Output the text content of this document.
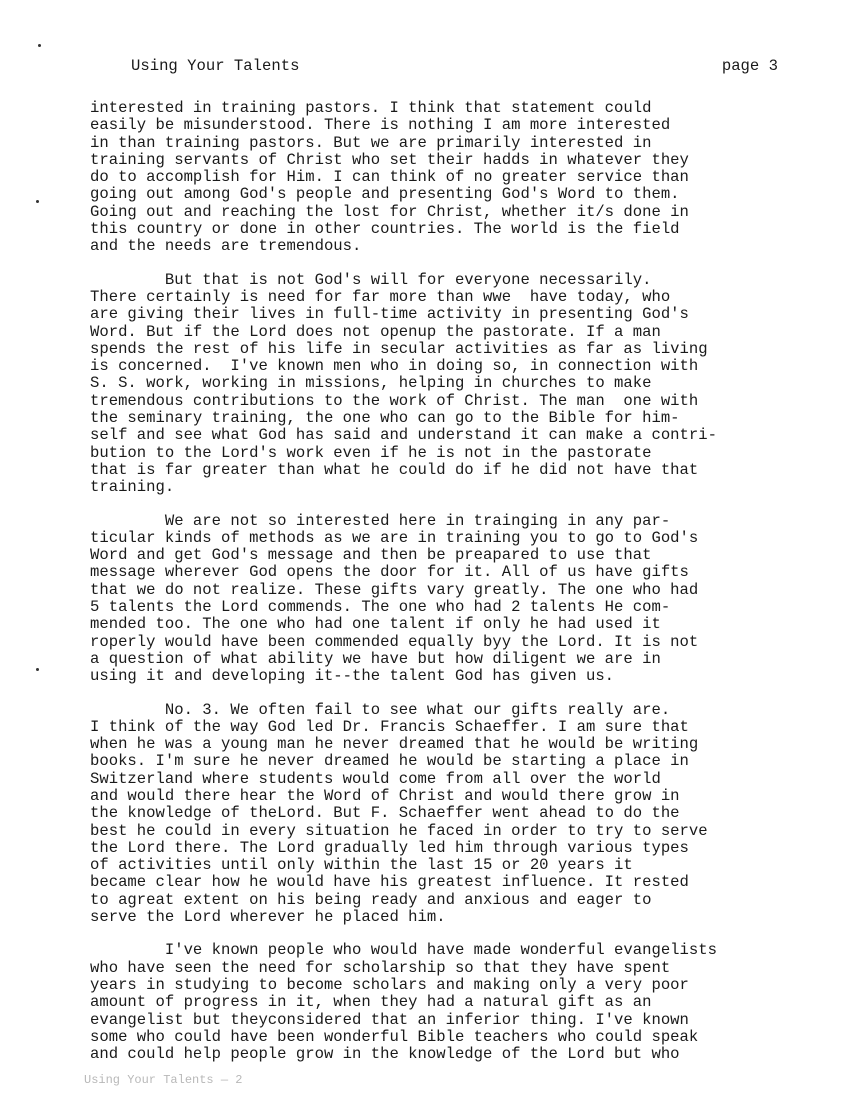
Using Your Talents

	page 3

interested in training pastors. I think that statement could
easily be misunderstood. There is nothing I am more interested
in than training pastors. But we are primarily interested in
training servants of Christ who set their hadds in whatever they
do to accomplish for Him. I can think of no greater service than
going out among God's people and presenting God's Word to them.
Going out and reaching the lost for Christ, whether it/s done in
this country or done in other countries. The world is the field
and the needs are tremendous.
But that is not God's will for everyone necessarily.
There certainly is need for far more than wwe  have today, who
are giving their lives in full-time activity in presenting God's
Word. But if the Lord does not openup the pastorate. If a man
spends the rest of his life in secular activities as far as living
is concerned.  I've known men who in doing so, in connection with
S. S. work, working in missions, helping in churches to make
tremendous contributions to the work of Christ. The man  one with
the seminary training, the one who can go to the Bible for him-
self and see what God has said and understand it can make a contri-
bution to the Lord's work even if he is not in the pastorate
that is far greater than what he could do if he did not have that
training.
We are not so interested here in trainging in any par-
ticular kinds of methods as we are in training you to go to God's
Word and get God's message and then be preapared to use that
message wherever God opens the door for it. All of us have gifts
that we do not realize. These gifts vary greatly. The one who had
5 talents the Lord commends. The one who had 2 talents He com-
mended too. The one who had one talent if only he had used it
roperly would have been commended equally byy the Lord. It is not
a question of what ability we have but how diligent we are in
using it and developing it--the talent God has given us.
No. 3. We often fail to see what our gifts really are.
I think of the way God led Dr. Francis Schaeffer. I am sure that
when he was a young man he never dreamed that he would be writing
books. I'm sure he never dreamed he would be starting a place in
Switzerland where students would come from all over the world
and would there hear the Word of Christ and would there grow in
the knowledge of theLord. But F. Schaeffer went ahead to do the
best he could in every situation he faced in order to try to serve
the Lord there. The Lord gradually led him through various types
of activities until only within the last 15 or 20 years it
became clear how he would have his greatest influence. It rested
to agreat extent on his being ready and anxious and eager to
serve the Lord wherever he placed him.
I've known people who would have made wonderful evangelists
who have seen the need for scholarship so that they have spent
years in studying to become scholars and making only a very poor
amount of progress in it, when they had a natural gift as an
evangelist but theyconsidered that an inferior thing. I've known
some who could have been wonderful Bible teachers who could speak
and could help people grow in the knowledge of the Lord but who
Using Your Talents — 2
